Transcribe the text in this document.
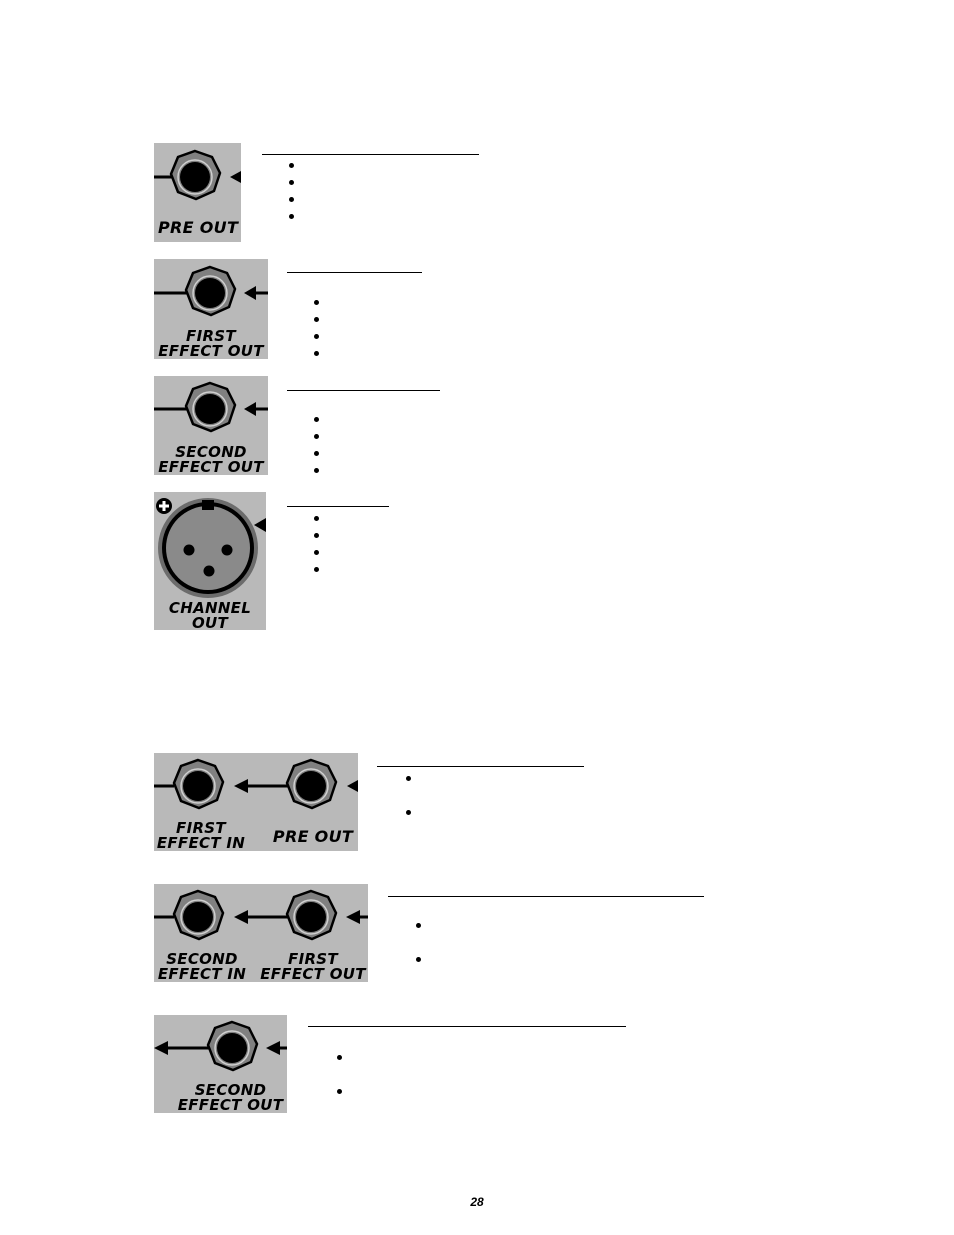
PRE OUT
FIRST
EFFECT OUT
SECOND
EFFECT OUT
CHANNEL
OUT
FIRST
EFFECT IN	PRE OUT
SECOND
EFFECT IN
FIRST
EFFECT OUT
SECOND
EFFECT OUT
28
